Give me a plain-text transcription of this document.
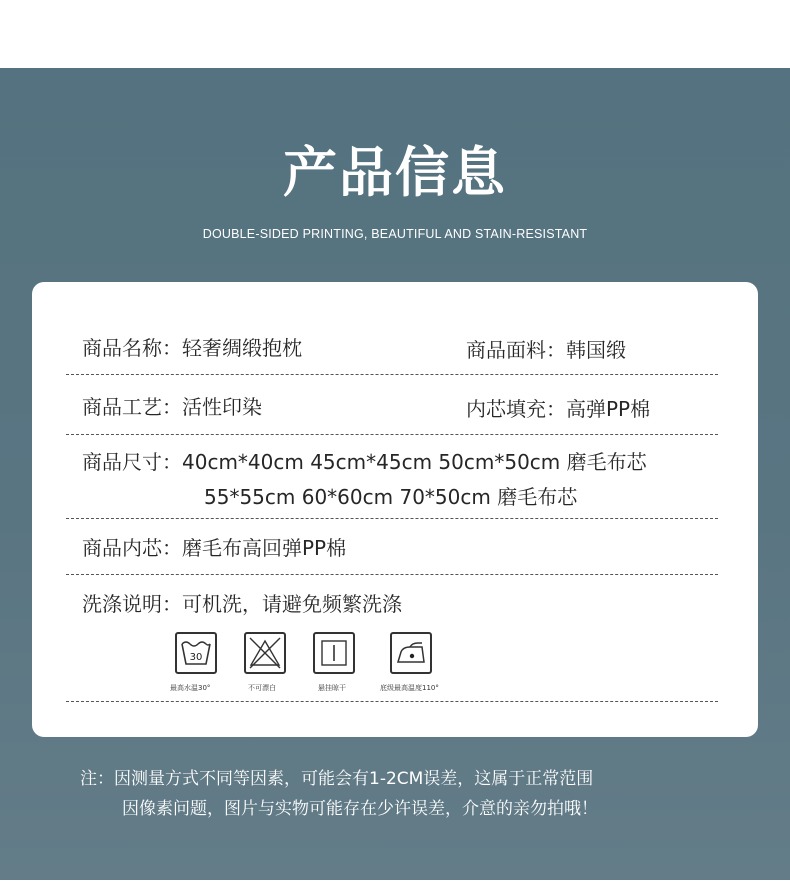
产品信息
DOUBLE-SIDED PRINTING, BEAUTIFUL AND STAIN-RESISTANT
商品名称：轻奢绸缎抱枕	商品面料：韩国缎
商品工艺：活性印染	内芯填充：高弹PP棉
商品尺寸：40cm*40cm 45cm*45cm 50cm*50cm 磨毛布芯
55*55cm 60*60cm 70*50cm 磨毛布芯
商品内芯：磨毛布高回弹PP棉
洗涤说明：可机洗，请避免频繁洗涤
30
最高水温30°	不可漂白	悬挂晾干	底级最高温度110°
注：因测量方式不同等因素，可能会有1-2CM误差，这属于正常范围
因像素问题，图片与实物可能存在少许误差，介意的亲勿拍哦！
